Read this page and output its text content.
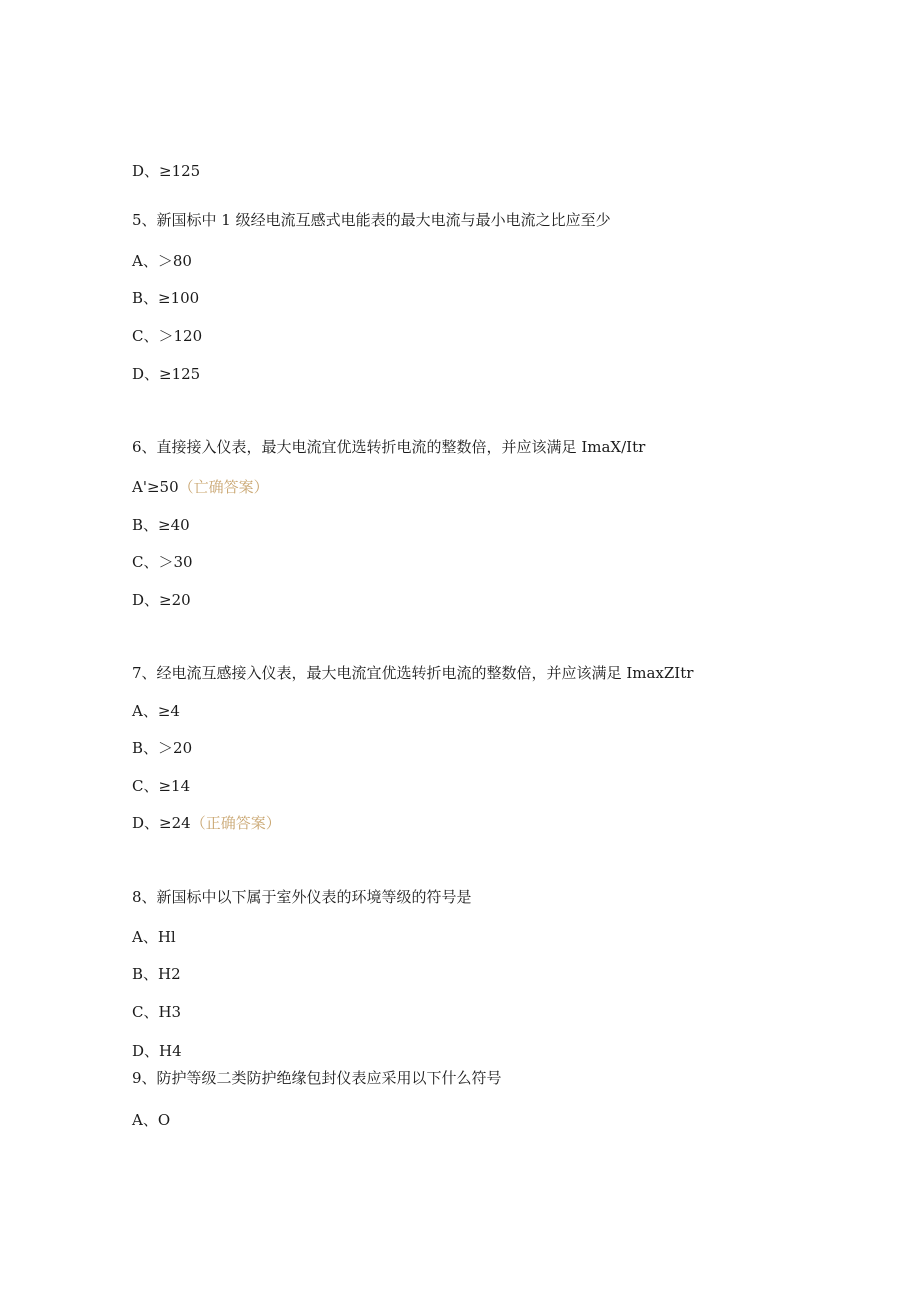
D、≥125
5、新国标中 1 级经电流互感式电能表的最大电流与最小电流之比应至少
A、＞80
B、≥100
C、＞120
D、≥125
6、直接接入仪表，最大电流宜优选转折电流的整数倍，并应该满足 ImaX/Itr
A'≥50（亡确答案）
B、≥40
C、＞30
D、≥20
7、经电流互感接入仪表，最大电流宜优选转折电流的整数倍，并应该满足 ImaxZItr
A、≥4
B、＞20
C、≥14
D、≥24（正确答案）
8、新国标中以下属于室外仪表的环境等级的符号是
A、Hl
B、H2
C、H3
D、H4
9、防护等级二类防护绝缘包封仪表应采用以下什么符号
A、O
